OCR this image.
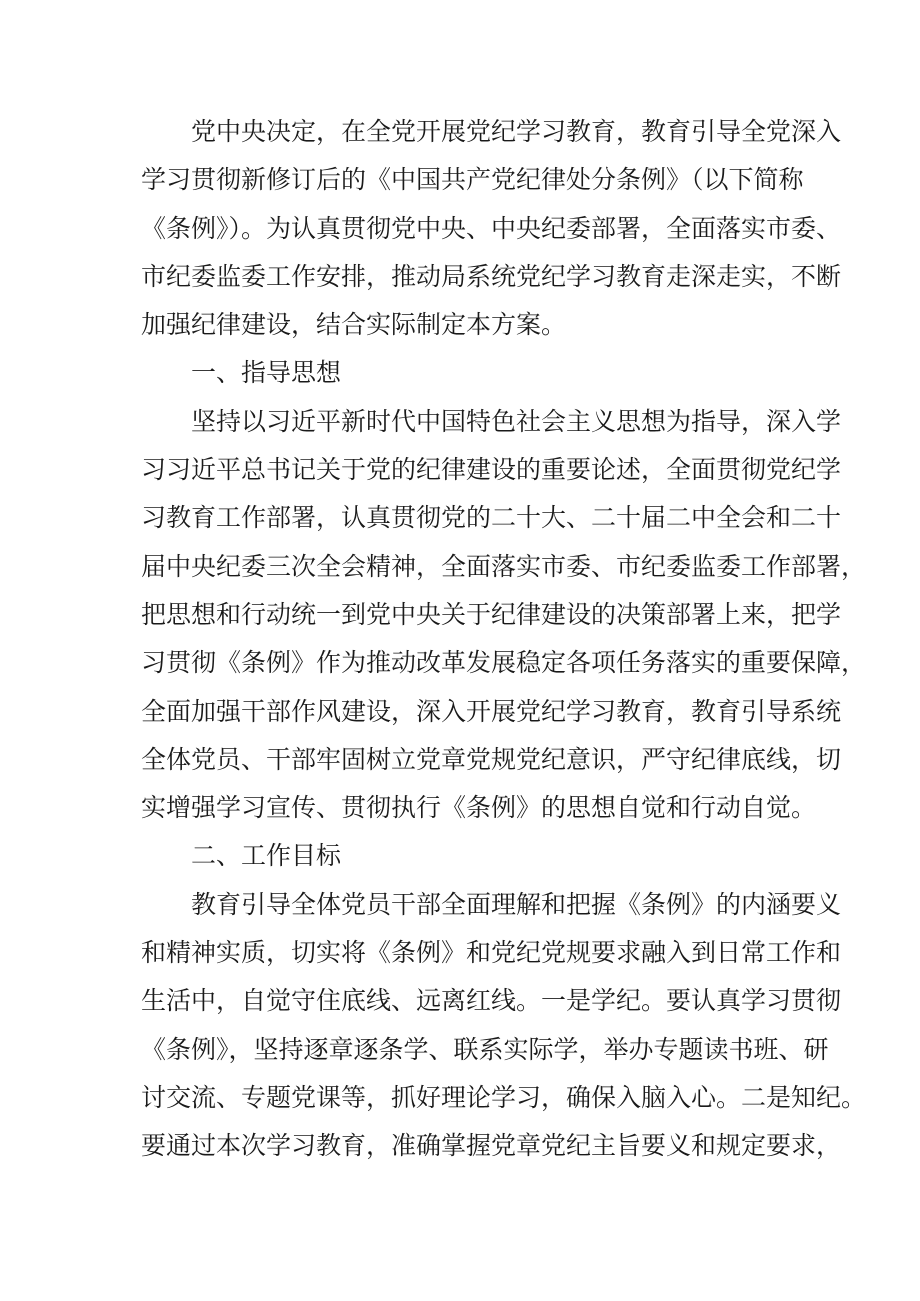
党中央决定，在全党开展党纪学习教育，教育引导全党深入
学习贯彻新修订后的《中国共产党纪律处分条例》（以下简称
《条例》）。为认真贯彻党中央、中央纪委部署，全面落实市委、
市纪委监委工作安排，推动局系统党纪学习教育走深走实，不断
加强纪律建设，结合实际制定本方案。
一、指导思想
坚持以习近平新时代中国特色社会主义思想为指导，深入学
习习近平总书记关于党的纪律建设的重要论述，全面贯彻党纪学
习教育工作部署，认真贯彻党的二十大、二十届二中全会和二十
届中央纪委三次全会精神，全面落实市委、市纪委监委工作部署，
把思想和行动统一到党中央关于纪律建设的决策部署上来，把学
习贯彻《条例》作为推动改革发展稳定各项任务落实的重要保障，
全面加强干部作风建设，深入开展党纪学习教育，教育引导系统
全体党员、干部牢固树立党章党规党纪意识，严守纪律底线，切
实增强学习宣传、贯彻执行《条例》的思想自觉和行动自觉。
二、工作目标
教育引导全体党员干部全面理解和把握《条例》的内涵要义
和精神实质，切实将《条例》和党纪党规要求融入到日常工作和
生活中，自觉守住底线、远离红线。一是学纪。要认真学习贯彻
《条例》，坚持逐章逐条学、联系实际学，举办专题读书班、研
讨交流、专题党课等，抓好理论学习，确保入脑入心。二是知纪。
要通过本次学习教育，准确掌握党章党纪主旨要义和规定要求，
